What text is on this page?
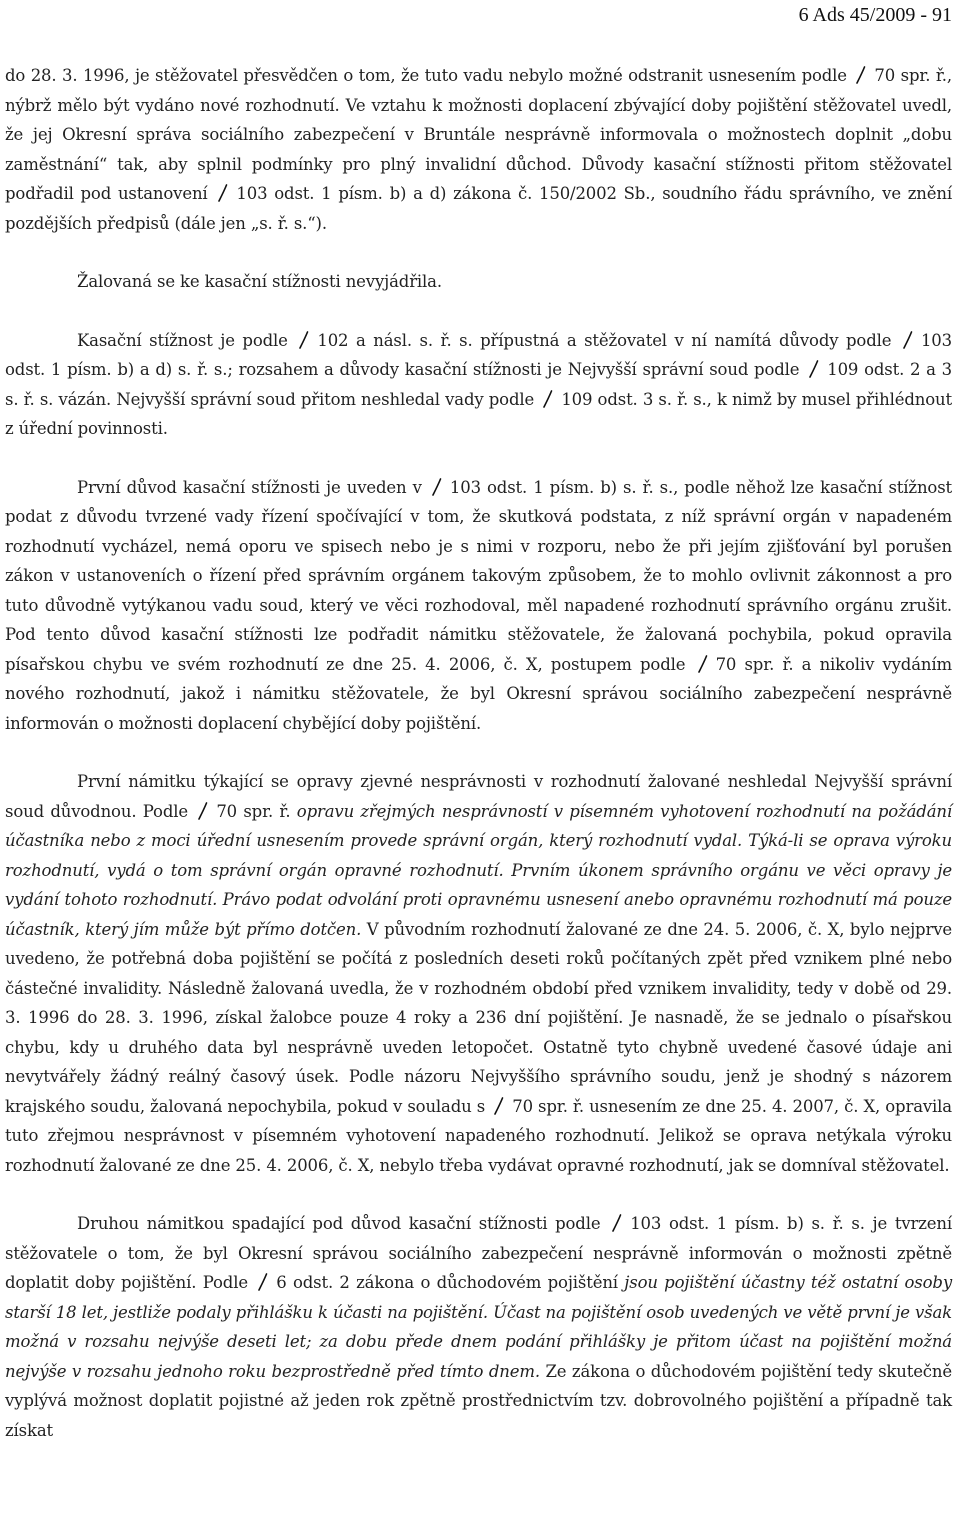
6 Ads 45/2009 - 91

do 28. 3. 1996, je stěžovatel přesvědčen o tom, že tuto vadu nebylo možné odstranit usnesením podle
70 spr. ř., nýbrž mělo být vydáno nové rozhodnutí. Ve vztahu k možnosti doplacení zbývající doby pojištění stěžovatel uvedl, že jej Okresní správa sociálního zabezpečení v Bruntále nesprávně informovala o možnostech doplnit „dobu zaměstnání“ tak, aby splnil podmínky pro plný invalidní důchod. Důvody kasační stížnosti přitom stěžovatel podřadil pod ustanovení
103 odst. 1 písm. b) a d) zákona č. 150/2002 Sb., soudního řádu správního, ve znění pozdějších předpisů (dále jen „s. ř. s.“).

Žalovaná se ke kasační stížnosti nevyjádřila.

Kasační stížnost je podle
102 a násl. s. ř. s. přípustná a stěžovatel v ní namítá důvody podle
103 odst. 1 písm. b) a d) s. ř. s.; rozsahem a důvody kasační stížnosti je Nejvyšší správní soud podle
109 odst. 2 a 3 s. ř. s. vázán. Nejvyšší správní soud přitom neshledal vady podle
109 odst. 3 s. ř. s., k nimž by musel přihlédnout z úřední povinnosti.

První důvod kasační stížnosti je uveden v
103 odst. 1 písm. b) s. ř. s., podle něhož lze kasační stížnost podat z důvodu tvrzené vady řízení spočívající v tom, že skutková podstata, z níž správní orgán v napadeném rozhodnutí vycházel, nemá oporu ve spisech nebo je s nimi v rozporu, nebo že při jejím zjišťování byl porušen zákon v ustanoveních o řízení před správním orgánem takovým způsobem, že to mohlo ovlivnit zákonnost a pro tuto důvodně vytýkanou vadu soud, který ve věci rozhodoval, měl napadené rozhodnutí správního orgánu zrušit. Pod tento důvod kasační stížnosti lze podřadit námitku stěžovatele, že žalovaná pochybila, pokud opravila písařskou chybu ve svém rozhodnutí ze dne 25. 4. 2006, č. X, postupem podle
70 spr. ř. a nikoliv vydáním nového rozhodnutí, jakož i námitku stěžovatele, že byl Okresní správou sociálního zabezpečení nesprávně informován o možnosti doplacení chybějící doby pojištění.

První námitku týkající se opravy zjevné nesprávnosti v rozhodnutí žalované neshledal Nejvyšší správní soud důvodnou. Podle
70 spr. ř. opravu zřejmých nesprávností v písemném vyhotovení rozhodnutí na požádání účastníka nebo z moci úřední usnesením provede správní orgán, který rozhodnutí vydal. Týká-li se oprava výroku rozhodnutí, vydá o tom správní orgán opravné rozhodnutí. Prvním úkonem správního orgánu ve věci opravy je vydání tohoto rozhodnutí. Právo podat odvolání proti opravnému usnesení anebo opravnému rozhodnutí má pouze účastník, který jím může být přímo dotčen. V původním rozhodnutí žalované ze dne 24. 5. 2006, č. X, bylo nejprve uvedeno, že potřebná doba pojištění se počítá z posledních deseti roků počítaných zpět před vznikem plné nebo částečné invalidity. Následně žalovaná uvedla, že v rozhodném období před vznikem invalidity, tedy v době od 29. 3. 1996 do 28. 3. 1996, získal žalobce pouze 4 roky a 236 dní pojištění. Je nasnadě, že se jednalo o písařskou chybu, kdy u druhého data byl nesprávně uveden letopočet. Ostatně tyto chybně uvedené časové údaje ani nevytvářely žádný reálný časový úsek. Podle názoru Nejvyššího správního soudu, jenž je shodný s názorem krajského soudu, žalovaná nepochybila, pokud v souladu s
70 spr. ř. usnesením ze dne 25. 4. 2007, č. X, opravila tuto zřejmou nesprávnost v písemném vyhotovení napadeného rozhodnutí. Jelikož se oprava netýkala výroku rozhodnutí žalované ze dne 25. 4. 2006, č. X, nebylo třeba vydávat opravné rozhodnutí, jak se domníval stěžovatel.

Druhou námitkou spadající pod důvod kasační stížnosti podle
103 odst. 1 písm. b) s. ř. s. je tvrzení stěžovatele o tom, že byl Okresní správou sociálního zabezpečení nesprávně informován o možnosti zpětně doplatit doby pojištění. Podle
6 odst. 2 zákona o důchodovém pojištění jsou pojištění účastny též ostatní osoby starší 18 let, jestliže podaly přihlášku k účasti na pojištění. Účast na pojištění osob uvedených ve větě první je však možná v rozsahu nejvýše deseti let; za dobu přede dnem podání přihlášky je přitom účast na pojištění možná nejvýše v rozsahu jednoho roku bezprostředně před tímto dnem. Ze zákona o důchodovém pojištění tedy skutečně vyplývá možnost doplatit pojistné až jeden rok zpětně prostřednictvím tzv. dobrovolného pojištění a případně tak získat
